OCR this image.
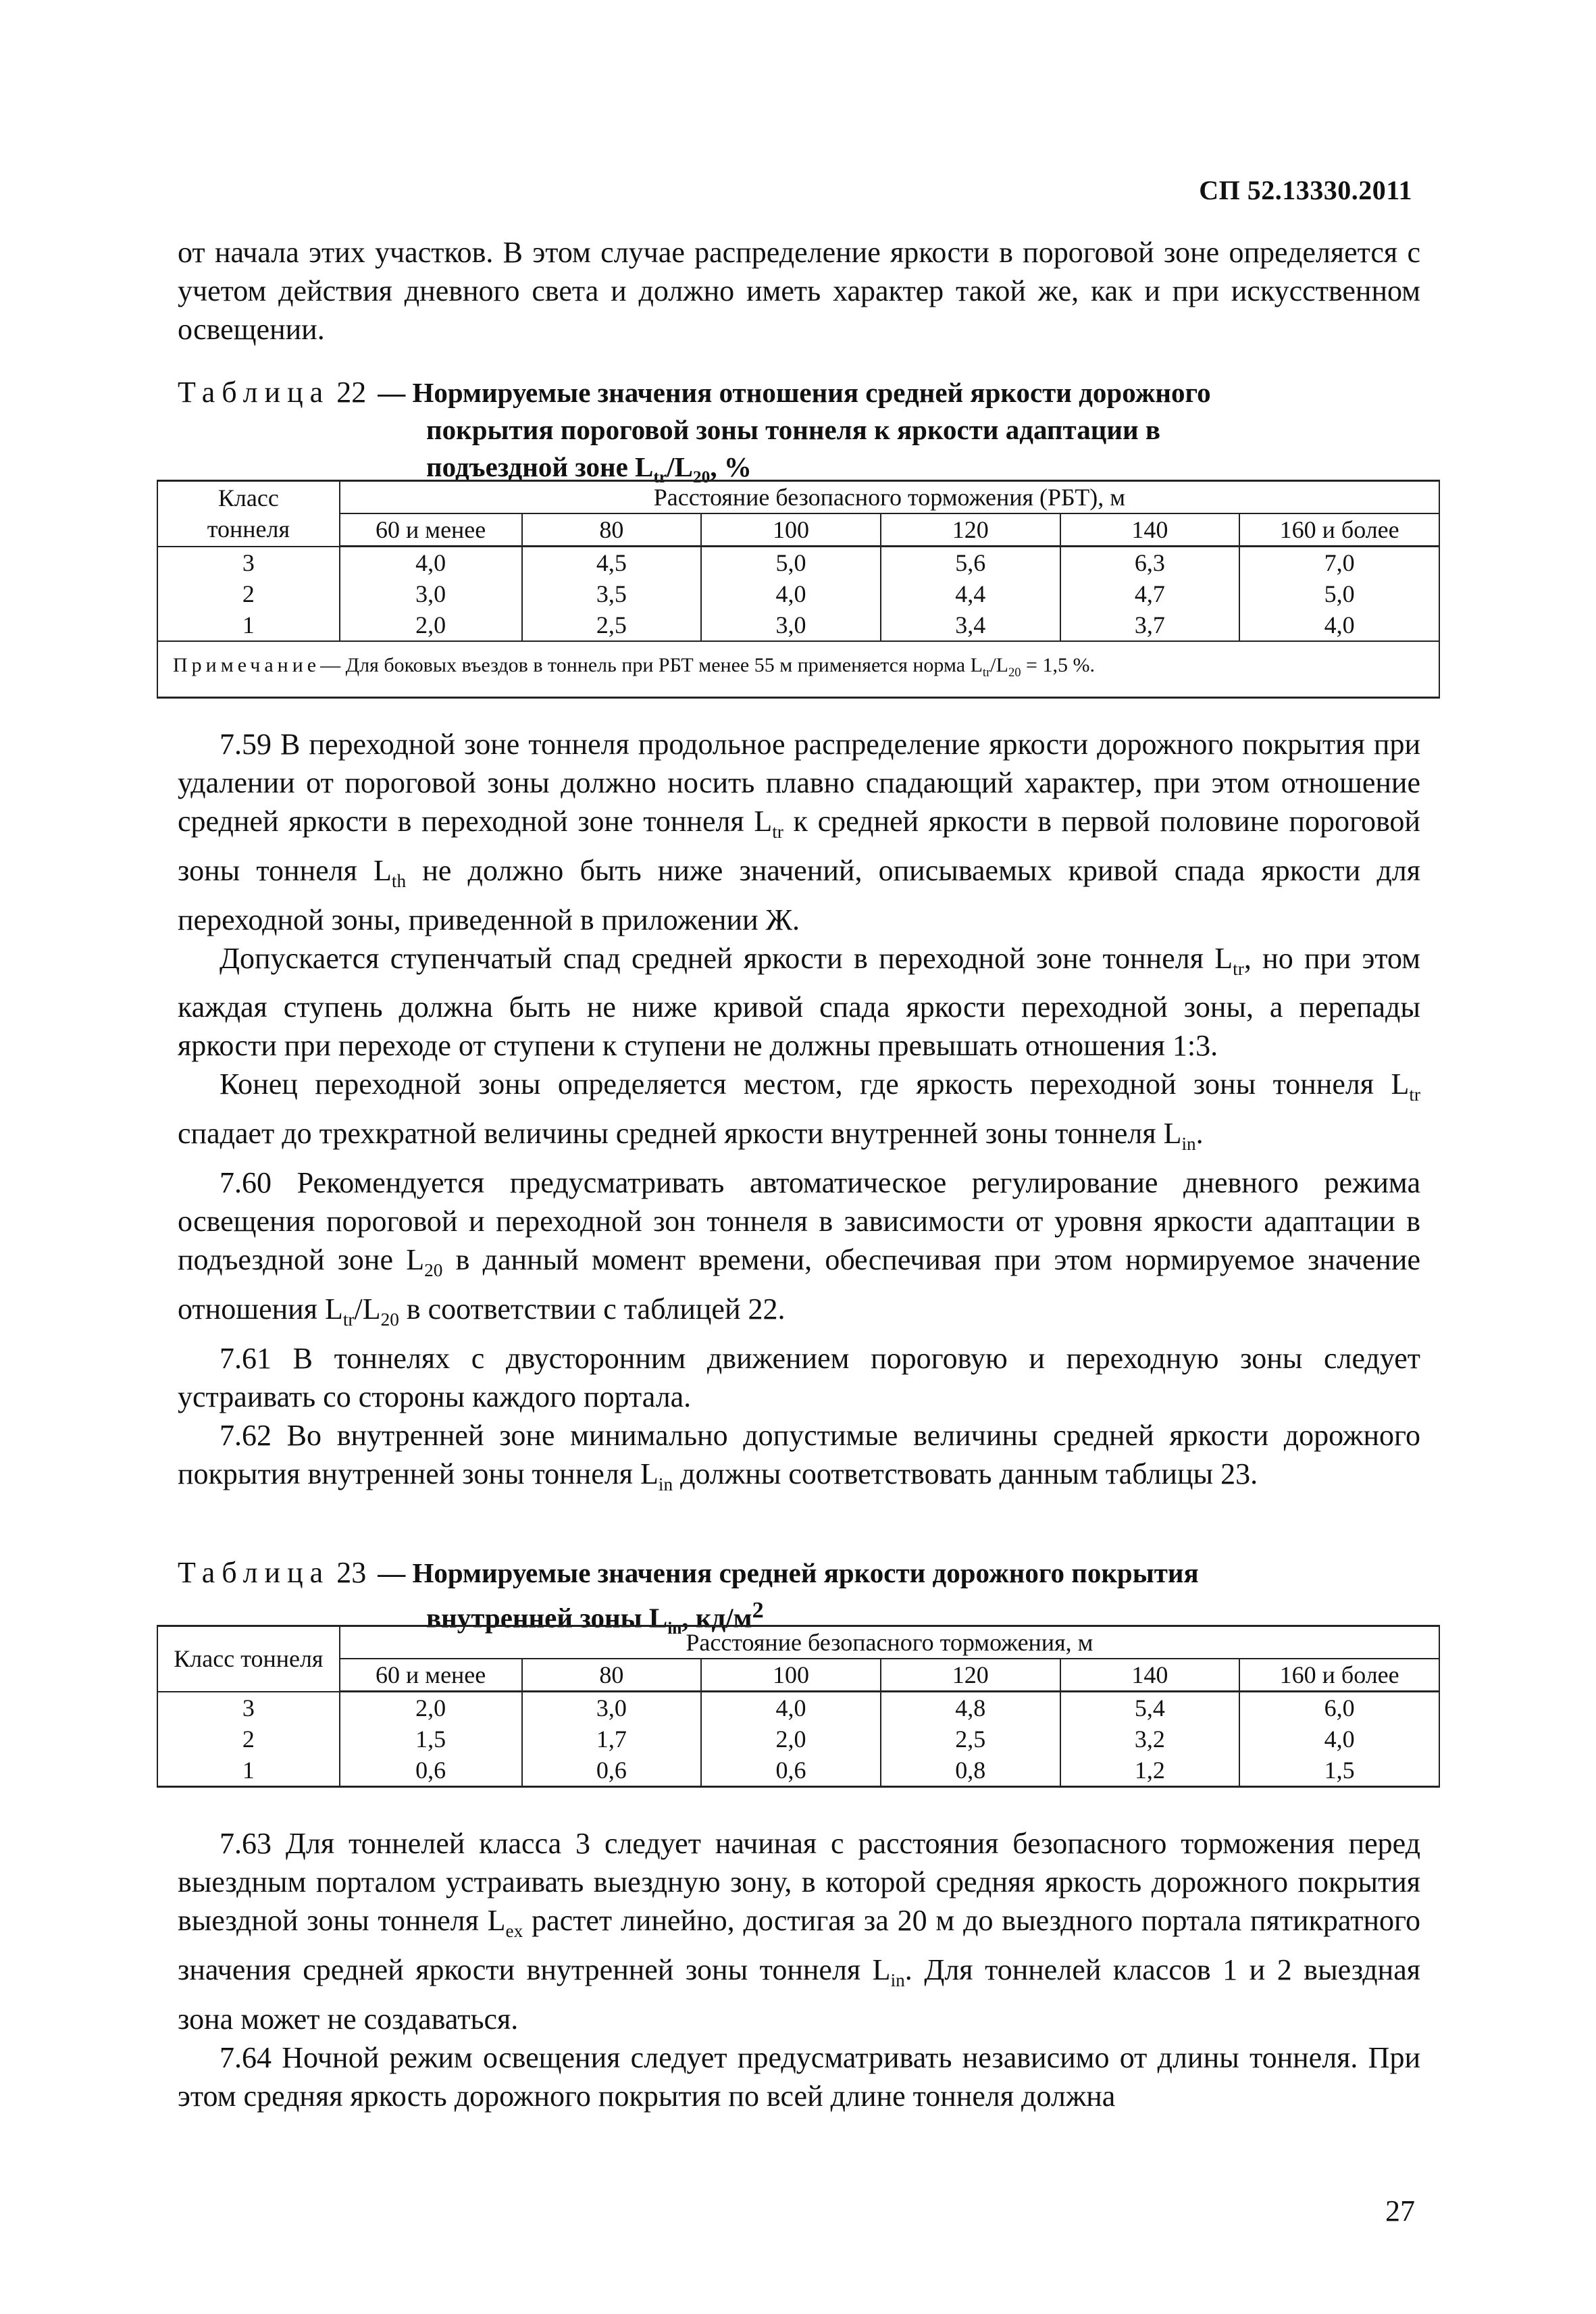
СП 52.13330.2011

от начала этих участков. В этом случае распределение яркости в пороговой зоне определяется с учетом действия дневного света и должно иметь характер такой же, как и при искусственном освещении.

Таблица 22 — Нормируемые значения отношения средней яркости дорожного
покрытия пороговой зоны тоннеля к яркости адаптации в
подъездной зоне $L_{tr}/L_{20}$, %
Класс
тоннеля	Расстояние безопасного торможения (РБТ), м					
	60 и менее	80	100	120	140	160 и более
3	4,0	4,5	5,0	5,6	6,3	7,0
2	3,0	3,5	4,0	4,4	4,7	5,0
1	2,0	2,5	3,0	3,4	3,7	4,0
Примечание— Для боковых въездов в тоннель при РБТ менее 55 м применяется норма $L_{tr}/L_{20} = 1,5$ %.						

7.59 В переходной зоне тоннеля продольное распределение яркости дорожного покрытия при удалении от пороговой зоны должно носить плавно спадающий характер, при этом отношение средней яркости в переходной зоне тоннеля $L_{tr}$ к средней яркости в первой половине пороговой зоны тоннеля $L_{th}$ не должно быть ниже значений, описываемых кривой спада яркости для переходной зоны, приведенной в приложении Ж.

Допускается ступенчатый спад средней яркости в переходной зоне тоннеля $L_{tr}$, но при этом каждая ступень должна быть не ниже кривой спада яркости переходной зоны, а перепады яркости при переходе от ступени к ступени не должны превышать отношения 1:3.

Конец переходной зоны определяется местом, где яркость переходной зоны тоннеля $L_{tr}$ спадает до трехкратной величины средней яркости внутренней зоны тоннеля $L_{in}$.

7.60 Рекомендуется предусматривать автоматическое регулирование дневного режима освещения пороговой и переходной зон тоннеля в зависимости от уровня яркости адаптации в подъездной зоне $L_{20}$ в данный момент времени, обеспечивая при этом нормируемое значение отношения $L_{tr}/L_{20}$ в соответствии с таблицей 22.

7.61 В тоннелях с двусторонним движением пороговую и переходную зоны следует устраивать со стороны каждого портала.

7.62 Во внутренней зоне минимально допустимые величины средней яркости дорожного покрытия внутренней зоны тоннеля $L_{in}$ должны соответствовать данным таблицы 23.

Таблица 23 — Нормируемые значения средней яркости дорожного покрытия
внутренней зоны $L_{in}$, $кд/м^2$
Класс тоннеля	Расстояние безопасного торможения, м					
	60 и менее	80	100	120	140	160 и более
3	2,0	3,0	4,0	4,8	5,4	6,0
2	1,5	1,7	2,0	2,5	3,2	4,0
1	0,6	0,6	0,6	0,8	1,2	1,5

7.63 Для тоннелей класса 3 следует начиная с расстояния безопасного торможения перед выездным порталом устраивать выездную зону, в которой средняя яркость дорожного покрытия выездной зоны тоннеля $L_{ex}$ растет линейно, достигая за 20 м до выездного портала пятикратного значения средней яркости внутренней зоны тоннеля $L_{in}$. Для тоннелей классов 1 и 2 выездная зона может не создаваться.

7.64 Ночной режим освещения следует предусматривать независимо от длины тоннеля. При этом средняя яркость дорожного покрытия по всей длине тоннеля должна

27
